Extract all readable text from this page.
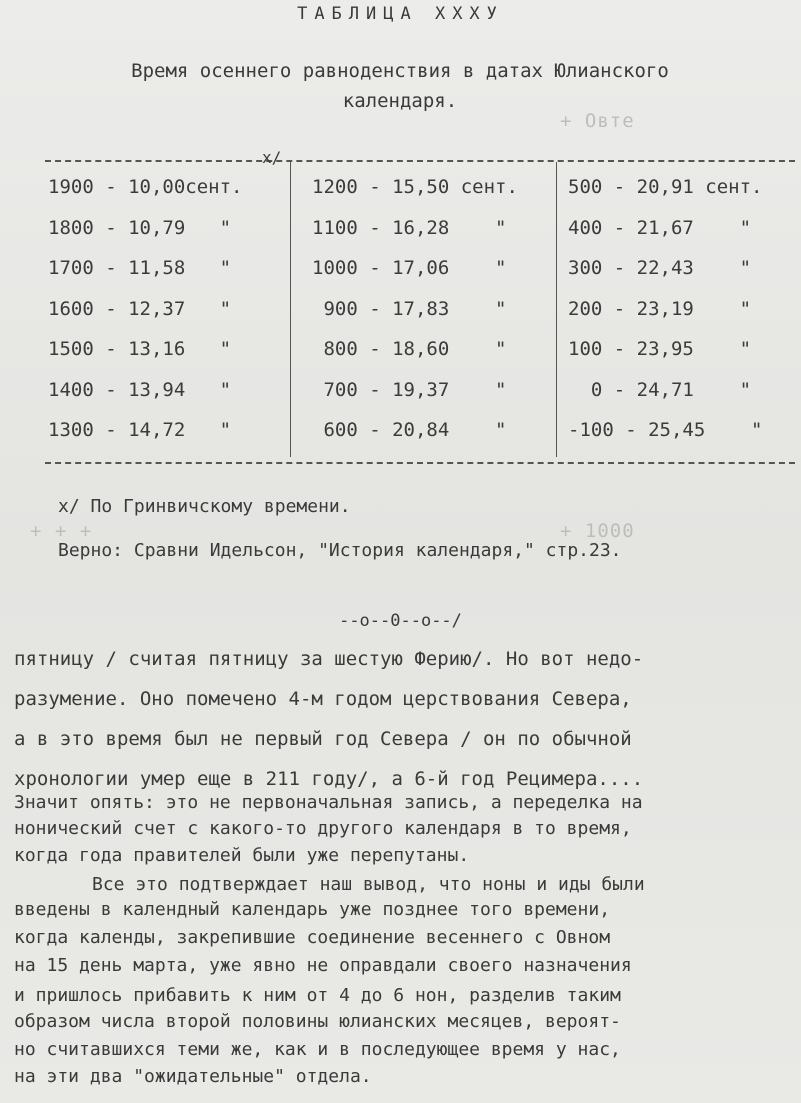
+ Овте
+ + +	+ 1000
ТАБЛИЦА ХХХУ
Время осеннего равноденствия в датах Юлианского
календаря.
x/
1900 - 10,00сент.
1800 - 10,79   "
1700 - 11,58   "
1600 - 12,37   "
1500 - 13,16   "
1400 - 13,94   "
1300 - 14,72   "
1200 - 15,50 сент.
1100 - 16,28    "
1000 - 17,06    "
900 - 17,83    "
800 - 18,60    "
700 - 19,37    "
600 - 20,84    "
500 - 20,91 сент.
400 - 21,67    "
300 - 22,43    "
200 - 23,19    "
100 - 23,95    "
0 - 24,71    "
-100 - 25,45    "
x/ По Гринвичскому времени.
Верно: Сравни Идельсон, "История календаря," стр.23.
--о--0--о--/
пятницу / считая пятницу за шестую Ферию/. Но вот недо-
разумение. Оно помечено 4-м годом церствования Севера,
а в это время был не первый год Севера / он по обычной
хронологии умер еще в 211 году/, а 6-й год Рецимера....
Значит опять: это не первоначальная запись, а переделка на
нонический счет с какого-то другого календаря в то время,
когда года правителей были уже перепутаны.
Все это подтверждает наш вывод, что ноны и иды были
введены в календный календарь уже позднее того времени,
когда календы, закрепившие соединение весеннего с Овном
на 15 день марта, уже явно не оправдали своего назначения
и пришлось прибавить к ним от 4 до 6 нон, разделив таким
образом числа второй половины юлианских месяцев, вероят-
но считавшихся теми же, как и в последующее время у нас,
на эти два "ожидательные" отдела.
